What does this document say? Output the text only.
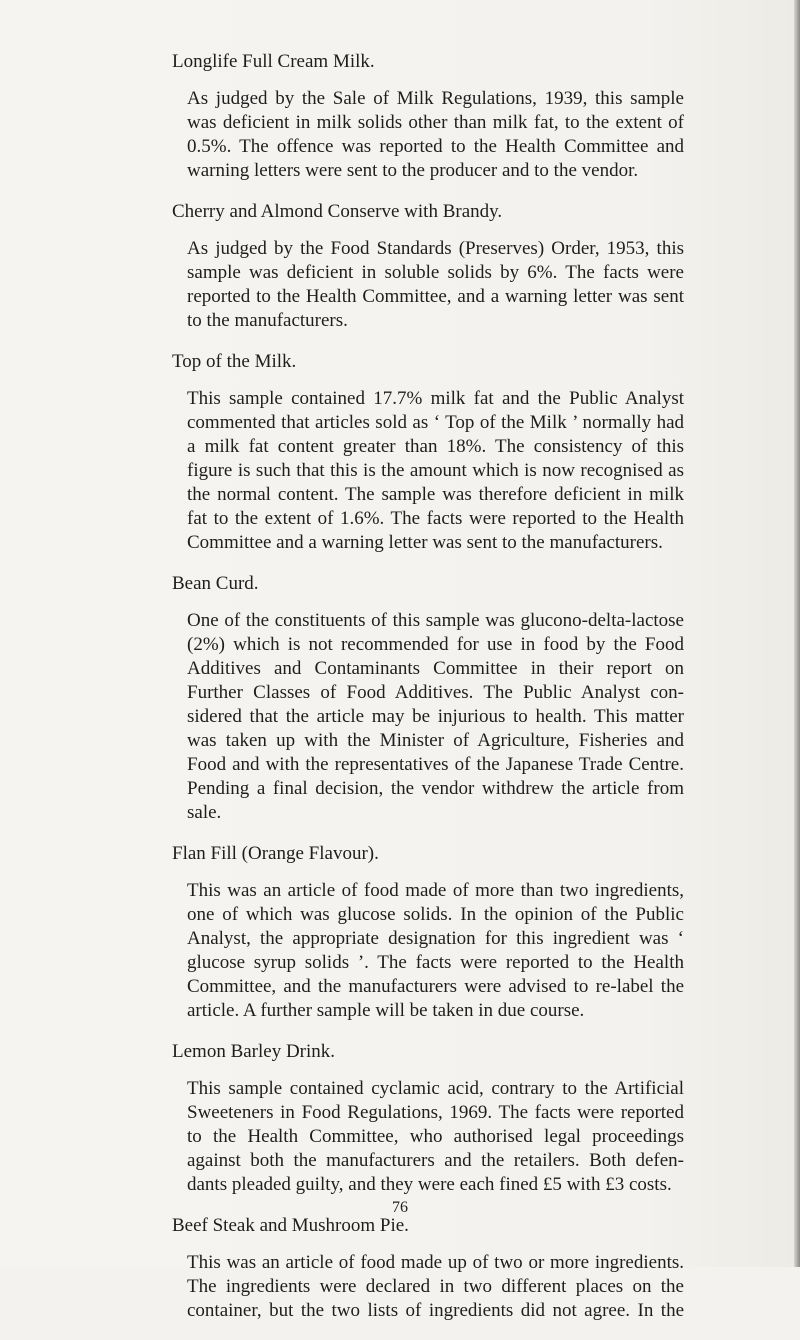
Longlife Full Cream Milk.
As judged by the Sale of Milk Regulations, 1939, this sample was deficient in milk solids other than milk fat, to the extent of 0.5%. The offence was reported to the Health Committee and warning letters were sent to the producer and to the vendor.
Cherry and Almond Conserve with Brandy.
As judged by the Food Standards (Preserves) Order, 1953, this sample was deficient in soluble solids by 6%. The facts were reported to the Health Committee, and a warning letter was sent to the manufacturers.
Top of the Milk.
This sample contained 17.7% milk fat and the Public Analyst commented that articles sold as ‘ Top of the Milk ’ normally had a milk fat content greater than 18%. The consistency of this figure is such that this is the amount which is now recognised as the normal content. The sample was therefore deficient in milk fat to the extent of 1.6%. The facts were reported to the Health Committee and a warning letter was sent to the manufacturers.
Bean Curd.
One of the constituents of this sample was glucono-delta-lactose (2%) which is not recommended for use in food by the Food Additives and Contaminants Committee in their report on Further Classes of Food Additives. The Public Analyst con- sidered that the article may be injurious to health. This matter was taken up with the Minister of Agriculture, Fisheries and Food and with the representatives of the Japanese Trade Centre. Pending a final decision, the vendor withdrew the article from sale.
Flan Fill (Orange Flavour).
This was an article of food made of more than two ingredients, one of which was glucose solids. In the opinion of the Public Analyst, the appropriate designation for this ingredient was ‘ glucose syrup solids ’. The facts were reported to the Health Committee, and the manufacturers were advised to re-label the article. A further sample will be taken in due course.
Lemon Barley Drink.
This sample contained cyclamic acid, contrary to the Artificial Sweeteners in Food Regulations, 1969. The facts were reported to the Health Committee, who authorised legal proceedings against both the manufacturers and the retailers. Both defen- dants pleaded guilty, and they were each fined £5 with £3 costs.
Beef Steak and Mushroom Pie.
This was an article of food made up of two or more ingredients. The ingredients were declared in two different places on the container, but the two lists of ingredients did not agree. In the
76
